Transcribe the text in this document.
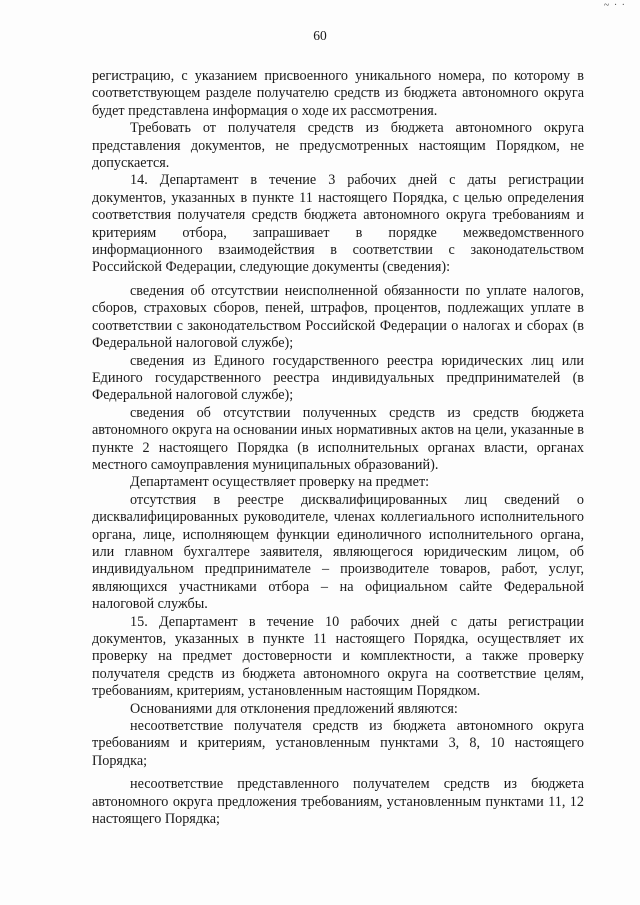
~ · ·
60

регистрацию, с указанием присвоенного уникального номера, по которому в соответствующем разделе получателю средств из бюджета автономного округа будет представлена информация о ходе их рассмотрения.

Требовать от получателя средств из бюджета автономного округа представления документов, не предусмотренных настоящим Порядком, не допускается.

14. Департамент в течение 3 рабочих дней с даты регистрации документов, указанных в пункте 11 настоящего Порядка, с целью определения соответствия получателя средств бюджета автономного округа требованиям и критериям отбора, запрашивает в порядке межведомственного информационного взаимодействия в соответствии с законодательством Российской Федерации, следующие документы (сведения):

сведения об отсутствии неисполненной обязанности по уплате налогов, сборов, страховых сборов, пеней, штрафов, процентов, подлежащих уплате в соответствии с законодательством Российской Федерации о налогах и сборах (в Федеральной налоговой службе);

сведения из Единого государственного реестра юридических лиц или Единого государственного реестра индивидуальных предпринимателей (в Федеральной налоговой службе);

сведения об отсутствии полученных средств из средств бюджета автономного округа на основании иных нормативных актов на цели, указанные в пункте 2 настоящего Порядка (в исполнительных органах власти, органах местного самоуправления муниципальных образований).

Департамент осуществляет проверку на предмет:

отсутствия в реестре дисквалифицированных лиц сведений о дисквалифицированных руководителе, членах коллегиального исполнительного органа, лице, исполняющем функции единоличного исполнительного органа, или главном бухгалтере заявителя, являющегося юридическим лицом, об индивидуальном предпринимателе – производителе товаров, работ, услуг, являющихся участниками отбора – на официальном сайте Федеральной налоговой службы.

15. Департамент в течение 10 рабочих дней с даты регистрации документов, указанных в пункте 11 настоящего Порядка, осуществляет их проверку на предмет достоверности и комплектности, а также проверку получателя средств из бюджета автономного округа на соответствие целям, требованиям, критериям, установленным настоящим Порядком.

Основаниями для отклонения предложений являются:

несоответствие получателя средств из бюджета автономного округа требованиям и критериям, установленным пунктами 3, 8, 10 настоящего Порядка;

несоответствие представленного получателем средств из бюджета автономного округа предложения требованиям, установленным пунктами 11, 12 настоящего Порядка;
